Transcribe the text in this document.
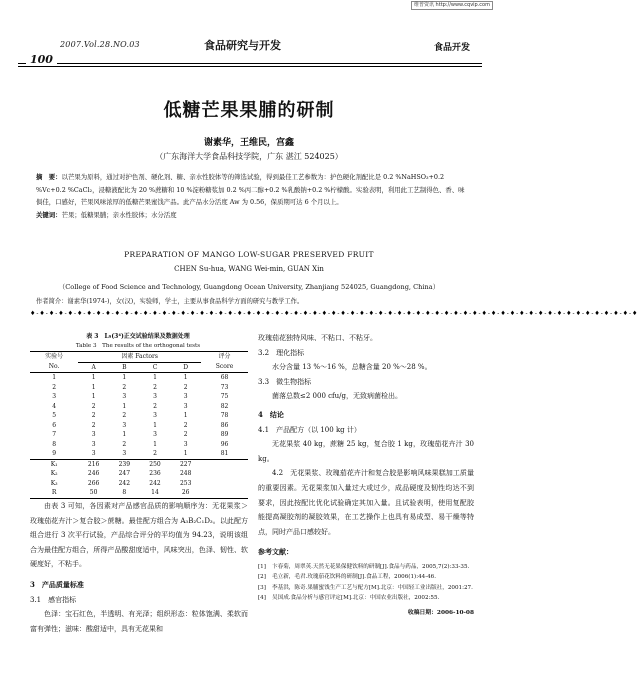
维普资讯 http://www.cqvip.com
100
2007.Vol.28.NO.03	食品研究与开发	食品开发
低糖芒果果脯的研制
谢素华，王维民，宫鑫
（广东海洋大学食品科技学院，广东 湛江 524025）
摘　要：以芒果为原料，通过对护色剂、硬化剂、糖、亲水性胶体等的筛选试验，得到最佳工艺参数为：护色硬化剂配比是 0.2 %NaHSO₃+0.2 %Vc+0.2 %CaCl₂，浸糖液配比为 20 %蔗糖和 10 %淀粉糖浆加 0.2 %丙二醇+0.2 %乳酸钠+0.2 %柠檬酸。实验表明，利用此工艺制得色、香、味俱佳，口感好，芒果风味浓厚的低糖芒果蜜饯产品。此产品水分活度 Aw 为 0.56，保质期可达 6 个月以上。
关键词：芒果；低糖果脯；亲水性胶体；水分活度
PREPARATION OF MANGO LOW-SUGAR PRESERVED FRUIT
CHEN Su-hua, WANG Wei-min, GUAN Xin
（College of Food Science and Technology, Guangdong Ocean University, Zhanjiang 524025, Guangdong, China）
作者简介：谢素华(1974-)，女(汉)，实验师，学士，主要从事食品科学方面的研究与教学工作。
♦-♦-♦-♦-♦-♦-♦-♦-♦-♦-♦-♦-♦-♦-♦-♦-♦-♦-♦-♦-♦-♦-♦-♦-♦-♦-♦-♦-♦-♦-♦-♦-♦-♦-♦-♦-♦-♦-♦-♦-♦-♦-♦-♦-♦-♦-♦-♦-♦-♦-♦-♦-♦-♦-♦-♦-♦-♦-♦-♦-♦-♦-♦-♦-♦
表 3　L₉(3⁴)正交试验结果及数据处理
Table 3　The results of the orthogonal tests
实验号	因素 Factors				评分
No.	A	B	C	D	Score
1	1	1	1	1	68
2	1	2	2	2	73
3	1	3	3	3	75
4	2	1	2	3	82
5	2	2	3	1	78
6	2	3	1	2	86
7	3	1	3	2	89
8	3	2	1	3	96
9	3	3	2	1	81
K₁	216	239	250	227	
K₂	246	247	236	248	
K₃	266	242	242	253	
R	50	8	14	26	

由表 3 可知，各因素对产品感官品质的影响顺序为：无花果浆＞玫瑰茄花卉汁＞复合胶＞蔗糖。最佳配方组合为 A₃B₂C₁D₃。以此配方组合进行 3 次平行试验，产品综合评分的平均值为 94.23，说明该组合为最佳配方组合，所得产品酸甜度适中，风味突出，色泽、韧性、软硬度好，不粘手。

3　产品质量标准

3.1　感官指标

色泽：宝石红色，半透明、有光泽；组织形态：粒体饱满、柔软而富有弹性；滋味：酸甜适中，具有无花果和

玫瑰茄花独特风味、不粘口、不粘牙。

3.2　理化指标

水分含量 13 %～16 %，总糖含量 20 %～28 %。

3.3　微生物指标

菌落总数≤2 000 cfu/g，无致病菌检出。

4　结论

4.1　产品配方（以 100 kg 计）

无花果浆 40 kg，蔗糖 25 kg，复合胶 1 kg，玫瑰茄花卉汁 30 kg。

4.2　无花果浆、玫瑰茄花卉汁和复合胶是影响风味果糕加工质量的重要因素。无花果浆加入量过大或过少，成品硬度及韧性均达不到要求，因此按配比优化试验确定其加入量。且试验表明，使用复配胶能提高凝胶剂的凝胶效果，在工艺操作上也具有易成型、易干燥等特点，同时产品口感较好。

参考文献：

[1]	卞春菊，周翠英.天然无花果保健饮料的研制[J].食品与药品，2005,7(2):33-35.
[2]	毛立新，毛君.玫瑰茄花饮料的研制[J].食品工程，2006(1):44-46.
[3]	李基洪，陈奇.果脯蜜饯生产工艺与配方[M].北京：中国轻工业出版社，2001:27.
[4]	吴国成.食品分析与感官评定[M].北京：中国农业出版社，2002:55.
收稿日期：2006-10-08
